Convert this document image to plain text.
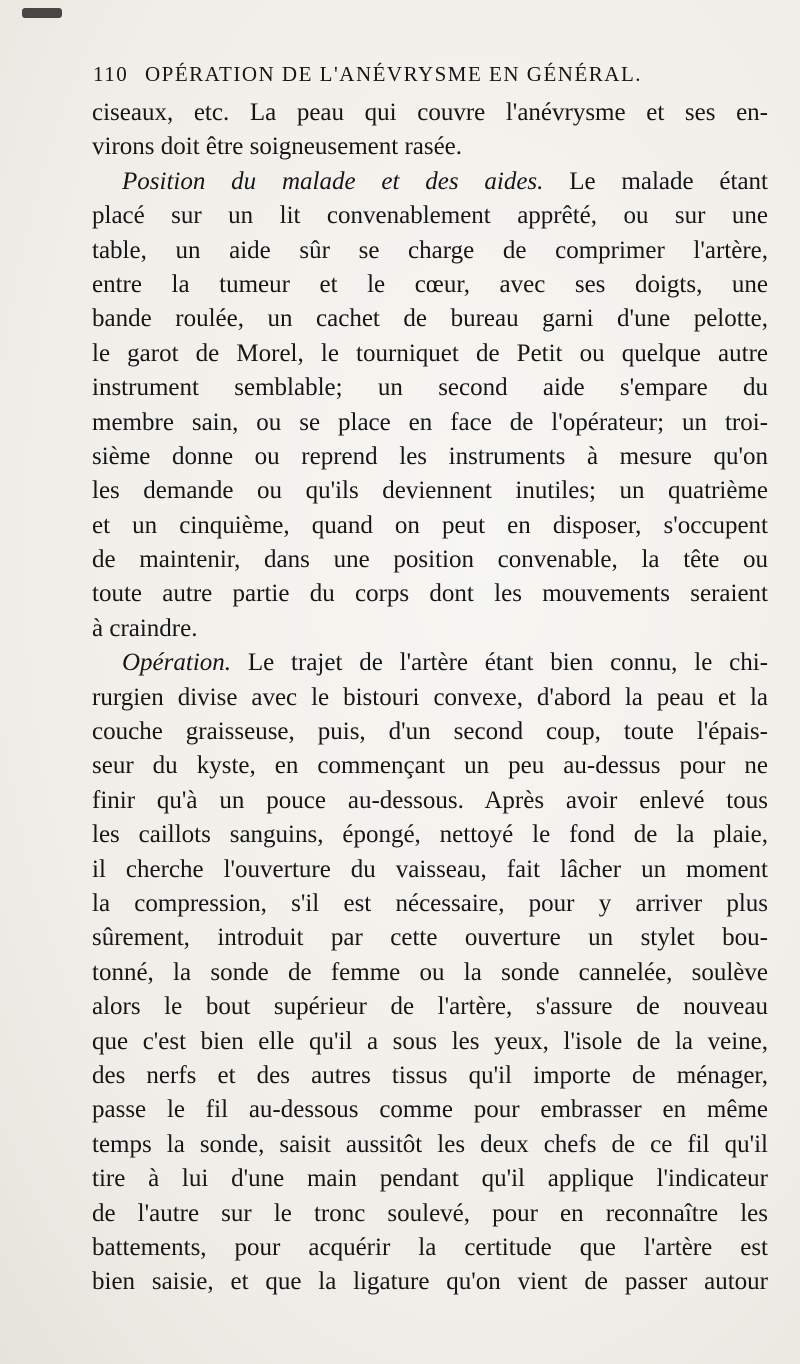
110 OPÉRATION DE L'ANÉVRYSME EN GÉNÉRAL.
ciseaux, etc. La peau qui couvre l'anévrysme et ses en-
virons doit être soigneusement rasée.
Position du malade et des aides. Le malade étant
placé sur un lit convenablement apprêté, ou sur une
table, un aide sûr se charge de comprimer l'artère,
entre la tumeur et le cœur, avec ses doigts, une
bande roulée, un cachet de bureau garni d'une pelotte,
le garot de Morel, le tourniquet de Petit ou quelque autre
instrument semblable; un second aide s'empare du
membre sain, ou se place en face de l'opérateur; un troi-
sième donne ou reprend les instruments à mesure qu'on
les demande ou qu'ils deviennent inutiles; un quatrième
et un cinquième, quand on peut en disposer, s'occupent
de maintenir, dans une position convenable, la tête ou
toute autre partie du corps dont les mouvements seraient
à craindre.
Opération. Le trajet de l'artère étant bien connu, le chi-
rurgien divise avec le bistouri convexe, d'abord la peau et la
couche graisseuse, puis, d'un second coup, toute l'épais-
seur du kyste, en commençant un peu au-dessus pour ne
finir qu'à un pouce au-dessous. Après avoir enlevé tous
les caillots sanguins, épongé, nettoyé le fond de la plaie,
il cherche l'ouverture du vaisseau, fait lâcher un moment
la compression, s'il est nécessaire, pour y arriver plus
sûrement, introduit par cette ouverture un stylet bou-
tonné, la sonde de femme ou la sonde cannelée, soulève
alors le bout supérieur de l'artère, s'assure de nouveau
que c'est bien elle qu'il a sous les yeux, l'isole de la veine,
des nerfs et des autres tissus qu'il importe de ménager,
passe le fil au-dessous comme pour embrasser en même
temps la sonde, saisit aussitôt les deux chefs de ce fil qu'il
tire à lui d'une main pendant qu'il applique l'indicateur
de l'autre sur le tronc soulevé, pour en reconnaître les
battements, pour acquérir la certitude que l'artère est
bien saisie, et que la ligature qu'on vient de passer autour
